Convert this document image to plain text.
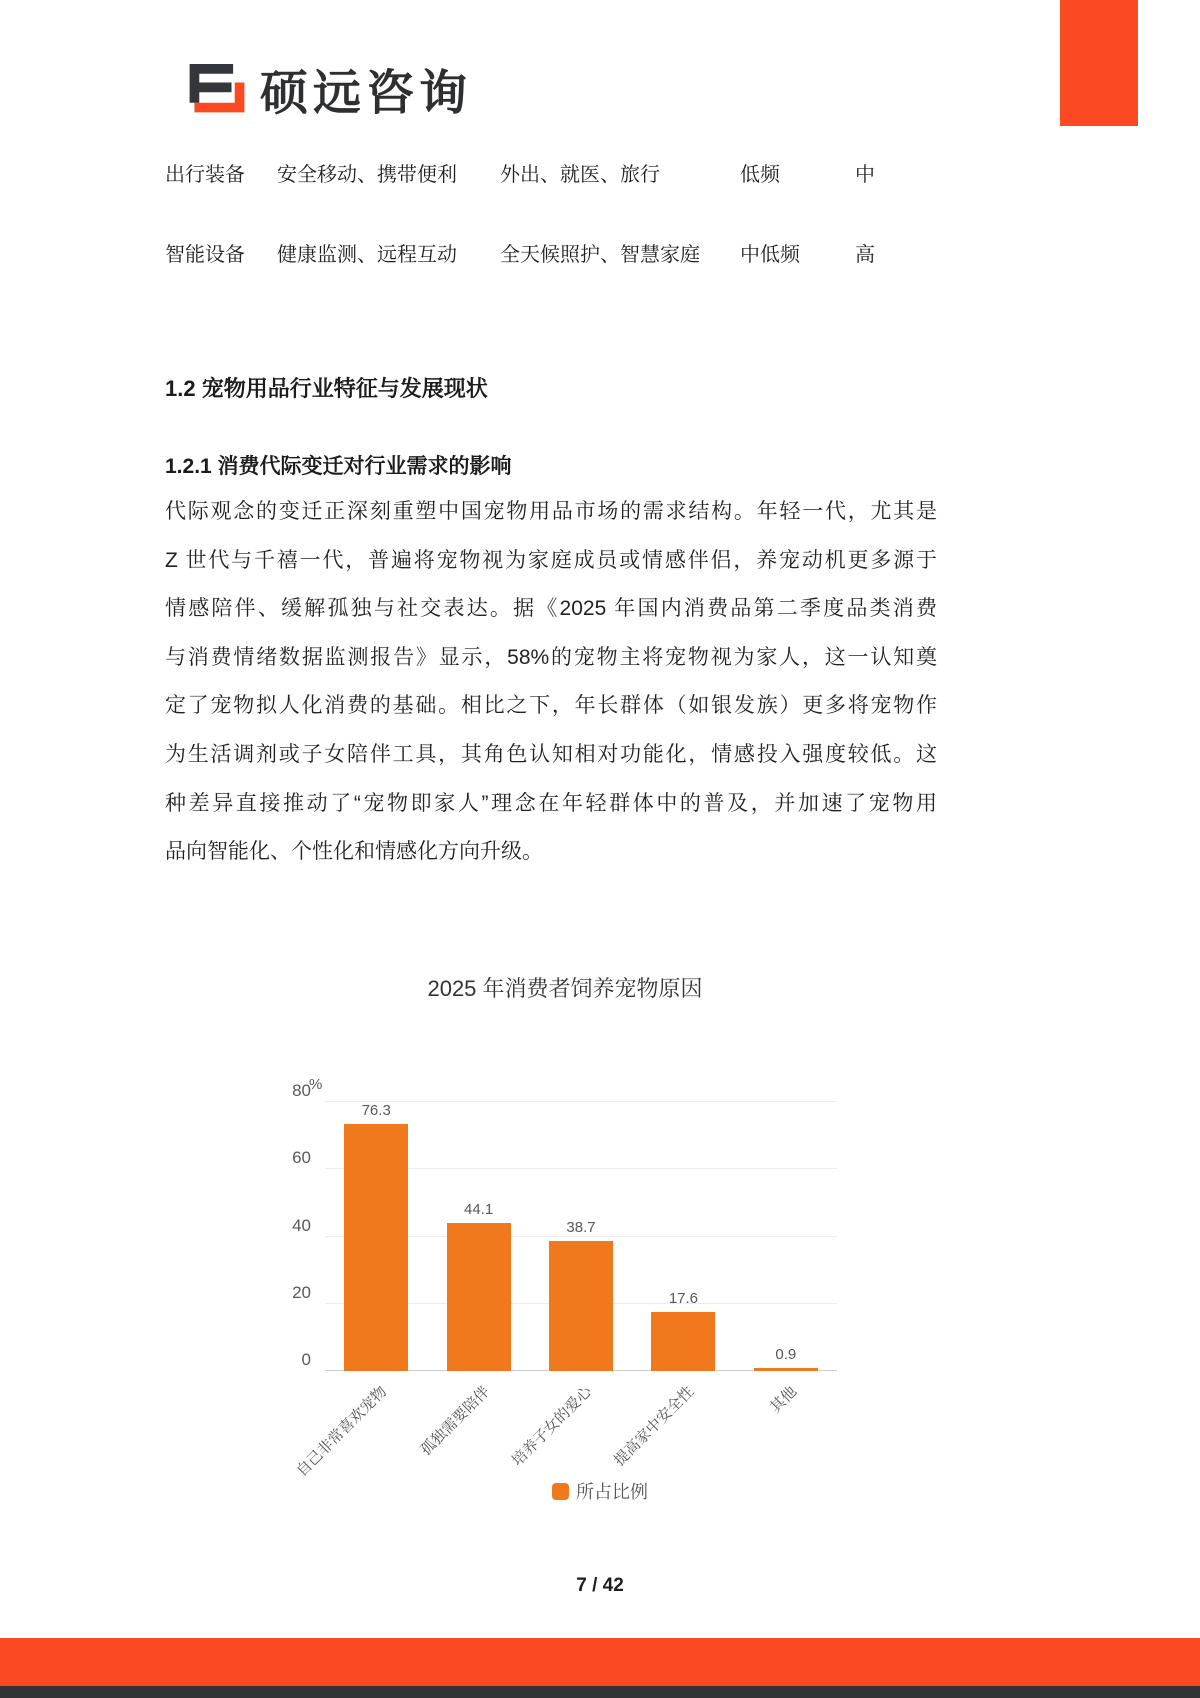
硕远咨询
出行装备	安全移动、携带便利	外出、就医、旅行	低频	中
智能设备	健康监测、远程互动	全天候照护、智慧家庭	中低频	高
1.2 宠物用品行业特征与发展现状
1.2.1 消费代际变迁对行业需求的影响
代际观念的变迁正深刻重塑中国宠物用品市场的需求结构。年轻一代，尤其是
Z 世代与千禧一代，普遍将宠物视为家庭成员或情感伴侣，养宠动机更多源于
情感陪伴、缓解孤独与社交表达。据《2025 年国内消费品第二季度品类消费
与消费情绪数据监测报告》显示，58%的宠物主将宠物视为家人，这一认知奠
定了宠物拟人化消费的基础。相比之下，年长群体（如银发族）更多将宠物作
为生活调剂或子女陪伴工具，其角色认知相对功能化，情感投入强度较低。这
种差异直接推动了“宠物即家人”理念在年轻群体中的普及，并加速了宠物用
品向智能化、个性化和情感化方向升级。
2025 年消费者饲养宠物原因
%
0
20
40
60
80
76.3
自己非常喜欢宠物
44.1
孤独需要陪伴
38.7
培养子女的爱心
17.6
提高家中安全性
0.9
其他
所占比例
7 / 42
